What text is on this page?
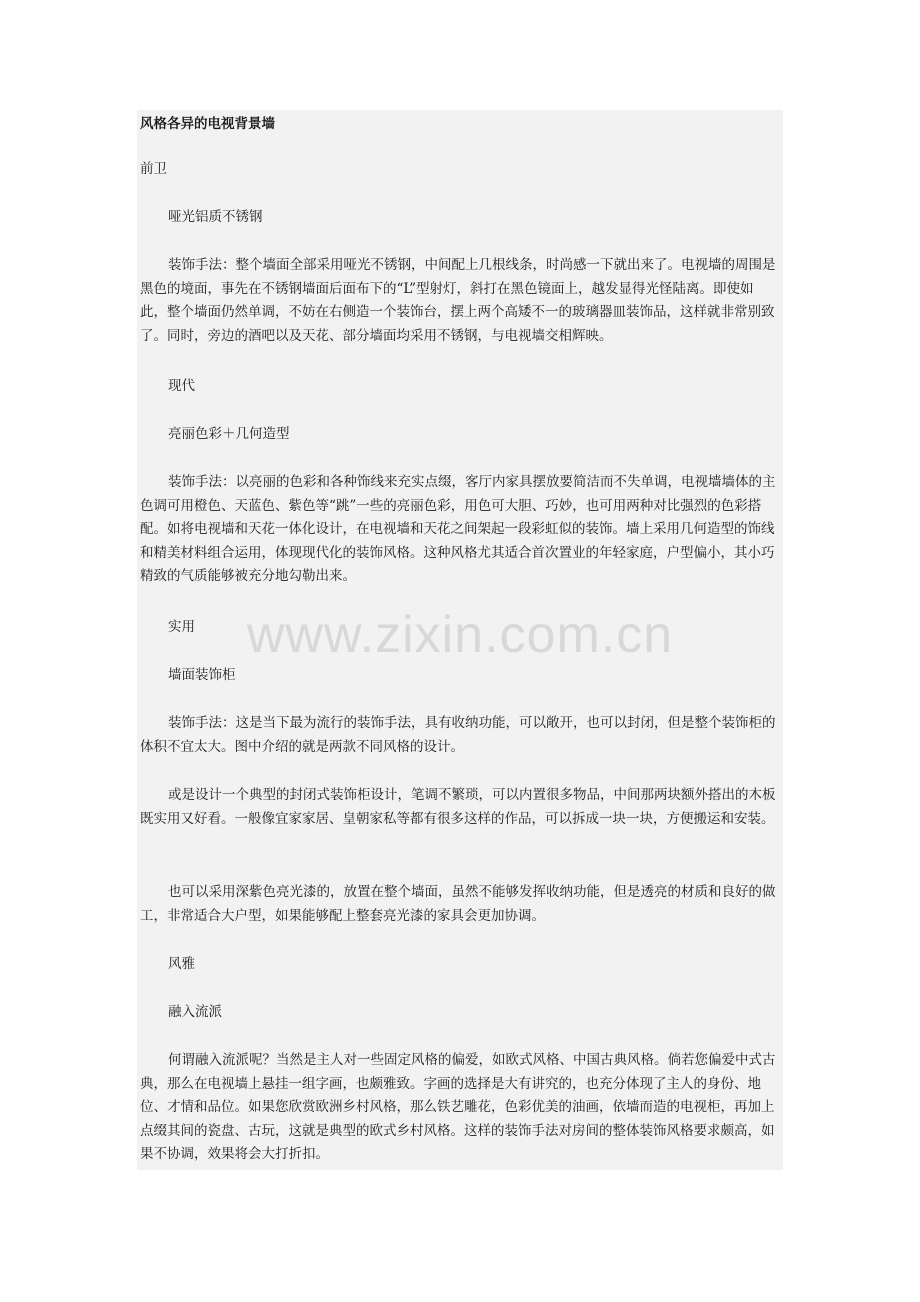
风格各异的电视背景墙

前卫

哑光铝质不锈钢

装饰手法：整个墙面全部采用哑光不锈钢，中间配上几根线条，时尚感一下就出来了。电视墙的周围是黑色的境面，事先在不锈钢墙面后面布下的“L”型射灯，斜打在黑色镜面上，越发显得光怪陆离。即使如此，整个墙面仍然单调，不妨在右侧造一个装饰台，摆上两个高矮不一的玻璃器皿装饰品，这样就非常别致了。同时，旁边的酒吧以及天花、部分墙面均采用不锈钢，与电视墙交相辉映。

现代

亮丽色彩＋几何造型

装饰手法：以亮丽的色彩和各种饰线来充实点缀，客厅内家具摆放要简洁而不失单调，电视墙墙体的主色调可用橙色、天蓝色、紫色等“跳”一些的亮丽色彩，用色可大胆、巧妙，也可用两种对比强烈的色彩搭配。如将电视墙和天花一体化设计，在电视墙和天花之间架起一段彩虹似的装饰。墙上采用几何造型的饰线和精美材料组合运用，体现现代化的装饰风格。这种风格尤其适合首次置业的年轻家庭，户型偏小，其小巧精致的气质能够被充分地勾勒出来。

实用

墙面装饰柜

装饰手法：这是当下最为流行的装饰手法，具有收纳功能，可以敞开，也可以封闭，但是整个装饰柜的体积不宜太大。图中介绍的就是两款不同风格的设计。

或是设计一个典型的封闭式装饰柜设计，笔调不繁琐，可以内置很多物品，中间那两块额外搭出的木板既实用又好看。一般像宜家家居、皇朝家私等都有很多这样的作品，可以拆成一块一块，方便搬运和安装。

也可以采用深紫色亮光漆的，放置在整个墙面，虽然不能够发挥收纳功能，但是透亮的材质和良好的做工，非常适合大户型，如果能够配上整套亮光漆的家具会更加协调。

风雅

融入流派

何谓融入流派呢？当然是主人对一些固定风格的偏爱，如欧式风格、中国古典风格。倘若您偏爱中式古典，那么在电视墙上悬挂一组字画，也颇雅致。字画的选择是大有讲究的，也充分体现了主人的身份、地位、才情和品位。如果您欣赏欧洲乡村风格，那么铁艺雕花，色彩优美的油画，依墙而造的电视柜，再加上点缀其间的瓷盘、古玩，这就是典型的欧式乡村风格。这样的装饰手法对房间的整体装饰风格要求颇高，如果不协调，效果将会大打折扣。

www.zixin.com.cn
